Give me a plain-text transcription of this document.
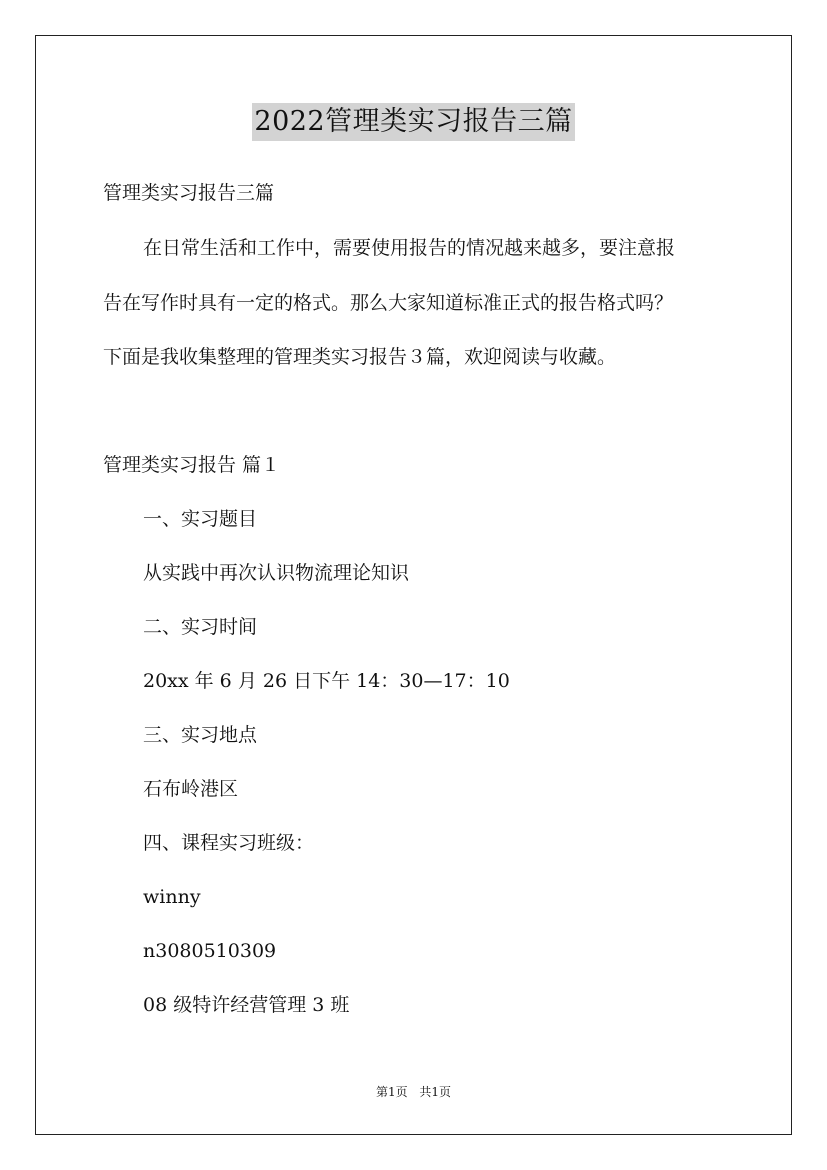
2022管理类实习报告三篇
管理类实习报告三篇
在日常生活和工作中，需要使用报告的情况越来越多，要注意报
告在写作时具有一定的格式。那么大家知道标准正式的报告格式吗？
下面是我收集整理的管理类实习报告３篇，欢迎阅读与收藏。
管理类实习报告 篇１
一、实习题目
从实践中再次认识物流理论知识
二、实习时间
20xx 年 6 月 26 日下午 14：30—17：10
三、实习地点
石布岭港区
四、课程实习班级：
winny
n3080510309
08 级特许经营管理 3 班
第1页 共1页
